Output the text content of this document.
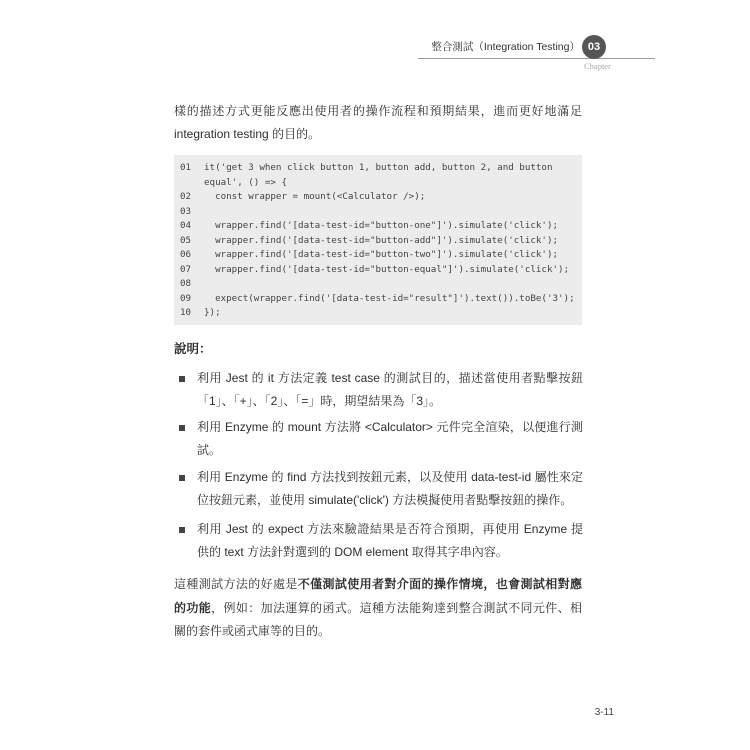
整合測試（Integration Testing） 03
Chapter
樣的描述方式更能反應出使用者的操作流程和預期結果，進而更好地滿足
integration testing 的目的。

01

it('get 3 when click button 1, button add, button 2, and button

equal', () => {

02

const wrapper = mount(<Calculator />);

03

04

wrapper.find('[data-test-id="button-one"]').simulate('click');

05

wrapper.find('[data-test-id="button-add"]').simulate('click');

06

wrapper.find('[data-test-id="button-two"]').simulate('click');

07

wrapper.find('[data-test-id="button-equal"]').simulate('click');

08

09

expect(wrapper.find('[data-test-id="result"]').text()).toBe('3');

10

});

說明：
利用 Jest 的 it 方法定義 test case 的測試目的，描述當使用者點擊按鈕
「1」、「+」、「2」、「=」時，期望結果為「3」。
利用 Enzyme 的 mount 方法將 <Calculator> 元件完全渲染，以便進行測
試。
利用 Enzyme 的 find 方法找到按鈕元素，以及使用 data-test-id 屬性來定
位按鈕元素，並使用 simulate('click') 方法模擬使用者點擊按鈕的操作。
利用 Jest 的 expect 方法來驗證結果是否符合預期，再使用 Enzyme 提
供的 text 方法針對選到的 DOM element 取得其字串內容。
這種測試方法的好處是不僅測試使用者對介面的操作情境，也會測試相對應
的功能，例如：加法運算的函式。這種方法能夠達到整合測試不同元件、相
關的套件或函式庫等的目的。
3-11
